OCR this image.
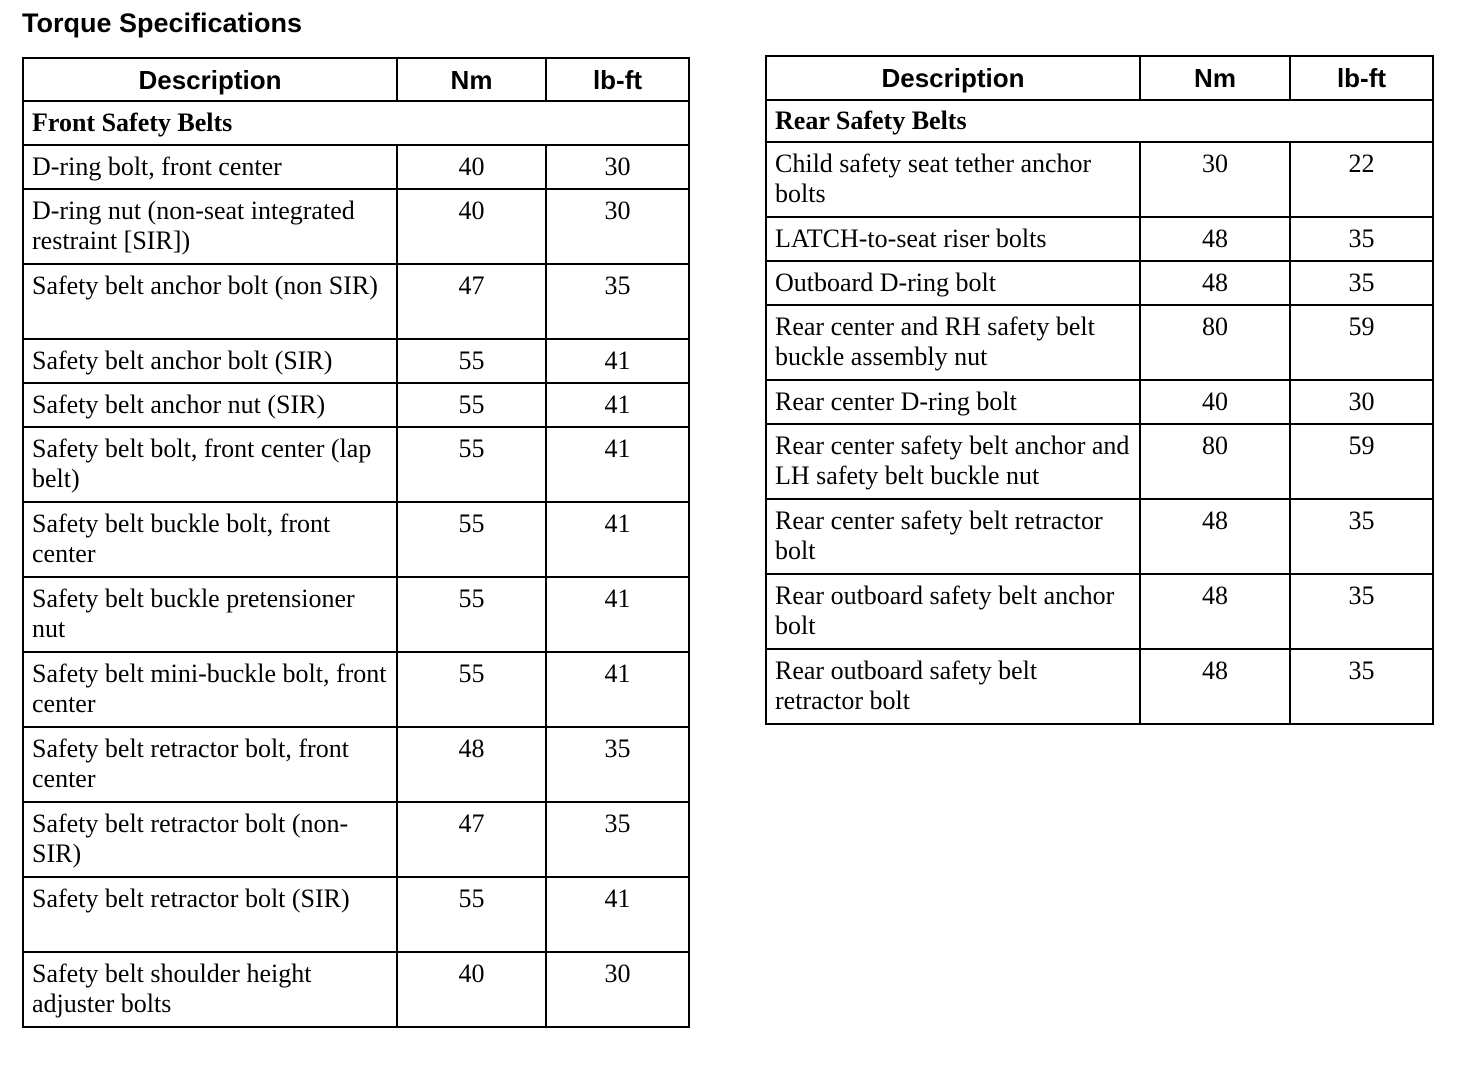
Torque Specifications
Description	Nm	lb-ft
Front Safety Belts		
D-ring bolt, front center	40	30
D-ring nut (non-seat integrated restraint [SIR])	40	30
Safety belt anchor bolt (non SIR)	47	35
Safety belt anchor bolt (SIR)	55	41
Safety belt anchor nut (SIR)	55	41
Safety belt bolt, front center (lap belt)	55	41
Safety belt buckle bolt, front center	55	41
Safety belt buckle pretensioner nut	55	41
Safety belt mini-buckle bolt, front center	55	41
Safety belt retractor bolt, front center	48	35
Safety belt retractor bolt (non-SIR)	47	35
Safety belt retractor bolt (SIR)	55	41
Safety belt shoulder height adjuster bolts	40	30
Description	Nm	lb-ft
Rear Safety Belts		
Child safety seat tether anchor bolts	30	22
LATCH-to-seat riser bolts	48	35
Outboard D-ring bolt	48	35
Rear center and RH safety belt buckle assembly nut	80	59
Rear center D-ring bolt	40	30
Rear center safety belt anchor and LH safety belt buckle nut	80	59
Rear center safety belt retractor bolt	48	35
Rear outboard safety belt anchor bolt	48	35
Rear outboard safety belt retractor bolt	48	35
